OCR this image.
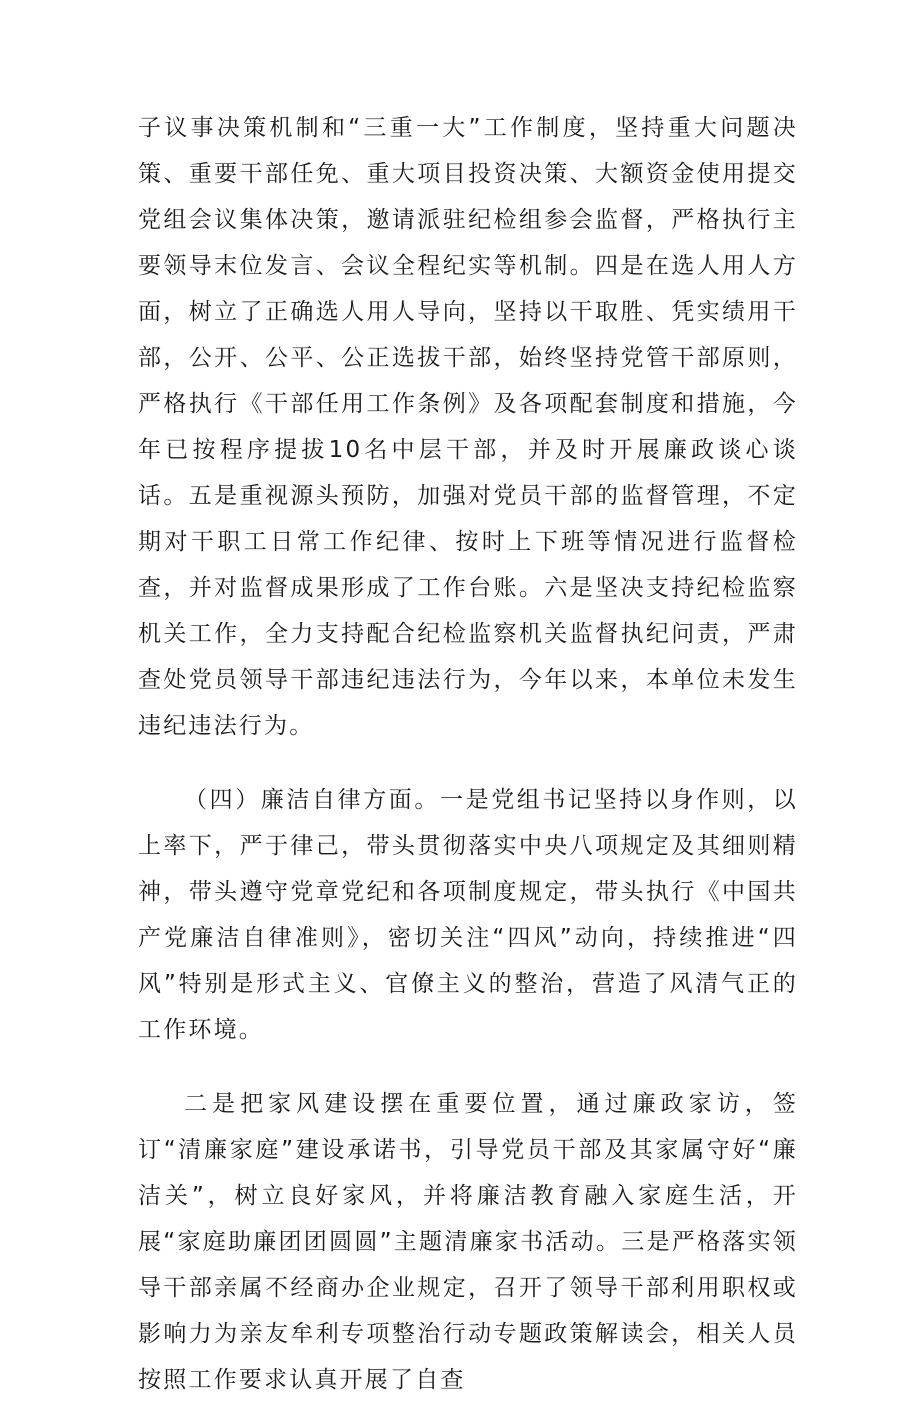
子议事决策机制和“三重一大”工作制度，坚持重大问题决策、重要干部任免、重大项目投资决策、大额资金使用提交党组会议集体决策，邀请派驻纪检组参会监督，严格执行主要领导末位发言、会议全程纪实等机制。四是在选人用人方面，树立了正确选人用人导向，坚持以干取胜、凭实绩用干部，公开、公平、公正选拔干部，始终坚持党管干部原则，严格执行《干部任用工作条例》及各项配套制度和措施，今年已按程序提拔10名中层干部，并及时开展廉政谈心谈话。五是重视源头预防，加强对党员干部的监督管理，不定期对干职工日常工作纪律、按时上下班等情况进行监督检查，并对监督成果形成了工作台账。六是坚决支持纪检监察机关工作，全力支持配合纪检监察机关监督执纪问责，严肃查处党员领导干部违纪违法行为，今年以来，本单位未发生违纪违法行为。

（四）廉洁自律方面。一是党组书记坚持以身作则，以上率下，严于律己，带头贯彻落实中央八项规定及其细则精神，带头遵守党章党纪和各项制度规定，带头执行《中国共产党廉洁自律准则》，密切关注“四风”动向，持续推进“四风”特别是形式主义、官僚主义的整治，营造了风清气正的工作环境。

二是把家风建设摆在重要位置，通过廉政家访，签订“清廉家庭”建设承诺书，引导党员干部及其家属守好“廉洁关”，树立良好家风，并将廉洁教育融入家庭生活，开展“家庭助廉团团圆圆”主题清廉家书活动。三是严格落实领导干部亲属不经商办企业规定，召开了领导干部利用职权或影响力为亲友牟利专项整治行动专题政策解读会，相关人员按照工作要求认真开展了自查
